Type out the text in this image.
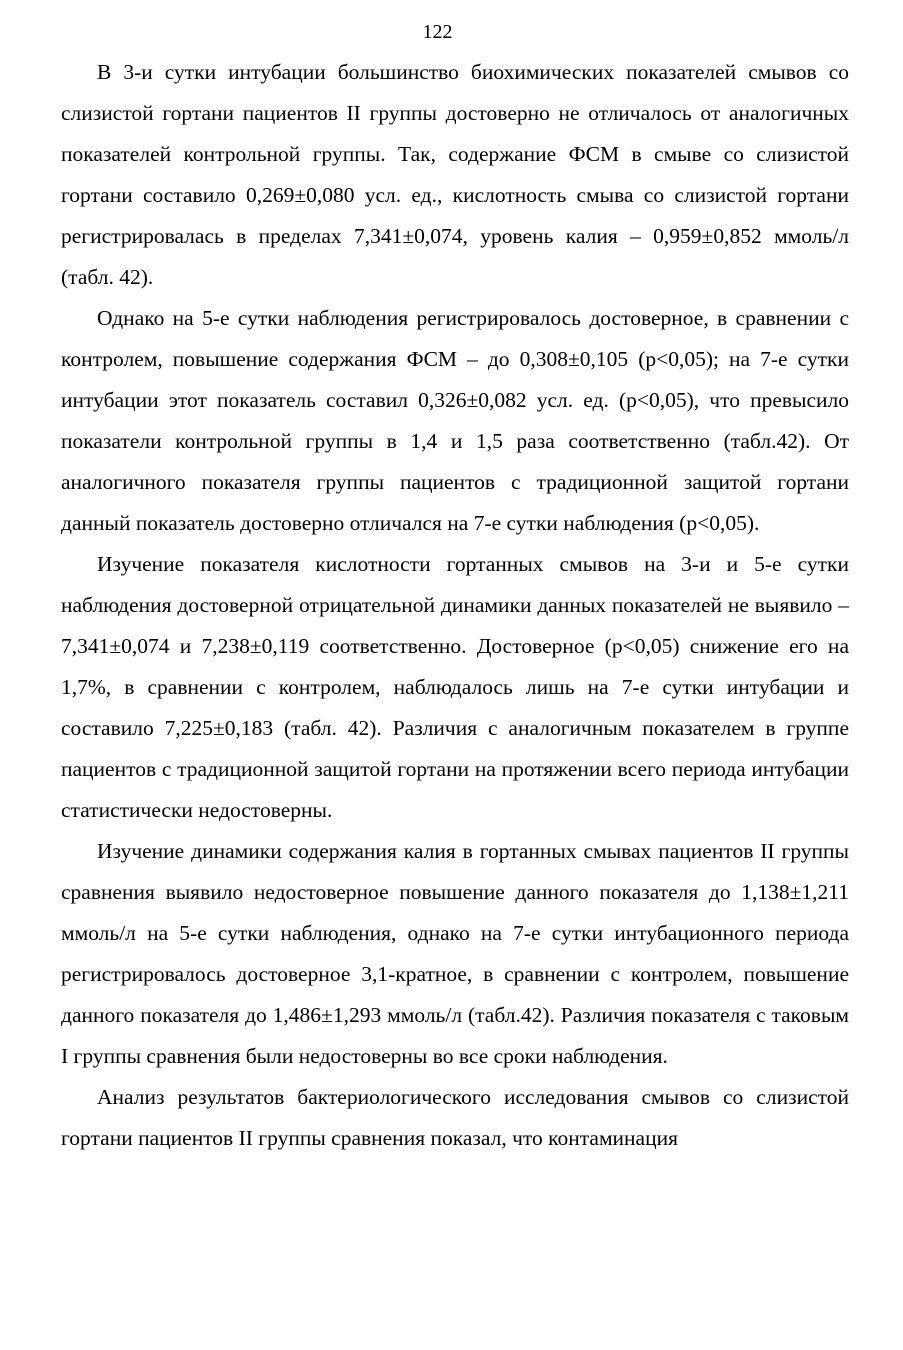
122

В 3-и сутки интубации большинство биохимических показателей смывов со слизистой гортани пациентов II группы достоверно не отличалось от аналогичных показателей контрольной группы. Так, содержание ФСМ в смыве со слизистой гортани составило 0,269±0,080 усл. ед., кислотность смыва со слизистой гортани регистрировалась в пределах 7,341±0,074, уровень калия – 0,959±0,852 ммоль/л (табл. 42).

Однако на 5-е сутки наблюдения регистрировалось достоверное, в сравнении с контролем, повышение содержания ФСМ – до 0,308±0,105 (р<0,05); на 7-е сутки интубации этот показатель составил 0,326±0,082 усл. ед. (р<0,05), что превысило показатели контрольной группы в 1,4 и 1,5 раза соответственно (табл.42). От аналогичного показателя группы пациентов с традиционной защитой гортани данный показатель достоверно отличался на 7-е сутки наблюдения (р<0,05).

Изучение показателя кислотности гортанных смывов на 3-и и 5-е сутки наблюдения достоверной отрицательной динамики данных показателей не выявило – 7,341±0,074 и 7,238±0,119 соответственно. Достоверное (р<0,05) снижение его на 1,7%, в сравнении с контролем, наблюдалось лишь на 7-е сутки интубации и составило 7,225±0,183 (табл. 42). Различия с аналогичным показателем в группе пациентов с традиционной защитой гортани на протяжении всего периода интубации статистически недостоверны.

Изучение динамики содержания калия в гортанных смывах пациентов II группы сравнения выявило недостоверное повышение данного показателя до 1,138±1,211 ммоль/л на 5-е сутки наблюдения, однако на 7-е сутки интубационного периода регистрировалось достоверное 3,1-кратное, в сравнении с контролем, повышение данного показателя до 1,486±1,293 ммоль/л (табл.42). Различия показателя с таковым I группы сравнения были недостоверны во все сроки наблюдения.

Анализ результатов бактериологического исследования смывов со слизистой гортани пациентов II группы сравнения показал, что контаминация
